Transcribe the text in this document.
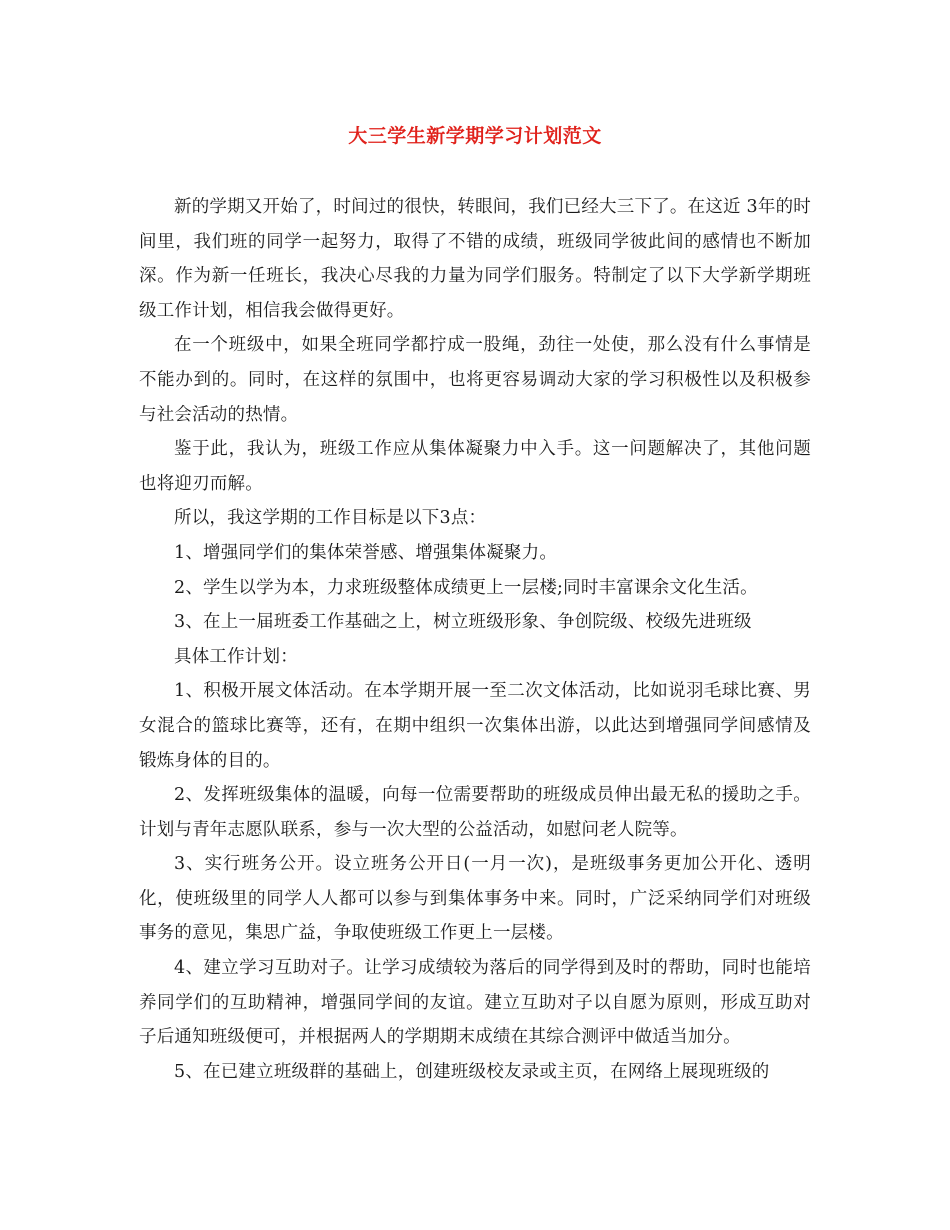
大三学生新学期学习计划范文

新的学期又开始了，时间过的很快，转眼间，我们已经大三下了。在这近 3年的时间里，我们班的同学一起努力，取得了不错的成绩，班级同学彼此间的感情也不断加深。作为新一任班长，我决心尽我的力量为同学们服务。特制定了以下大学新学期班级工作计划，相信我会做得更好。

在一个班级中，如果全班同学都拧成一股绳，劲往一处使，那么没有什么事情是不能办到的。同时，在这样的氛围中，也将更容易调动大家的学习积极性以及积极参与社会活动的热情。

鉴于此，我认为，班级工作应从集体凝聚力中入手。这一问题解决了，其他问题也将迎刃而解。

所以，我这学期的工作目标是以下3点：

1、增强同学们的集体荣誉感、增强集体凝聚力。

2、学生以学为本，力求班级整体成绩更上一层楼;同时丰富课余文化生活。

3、在上一届班委工作基础之上，树立班级形象、争创院级、校级先进班级

具体工作计划：

1、积极开展文体活动。在本学期开展一至二次文体活动，比如说羽毛球比赛、男女混合的篮球比赛等，还有，在期中组织一次集体出游，以此达到增强同学间感情及锻炼身体的目的。

2、发挥班级集体的温暖，向每一位需要帮助的班级成员伸出最无私的援助之手。计划与青年志愿队联系，参与一次大型的公益活动，如慰问老人院等。

3、实行班务公开。设立班务公开日(一月一次)，是班级事务更加公开化、透明化，使班级里的同学人人都可以参与到集体事务中来。同时，广泛采纳同学们对班级事务的意见，集思广益，争取使班级工作更上一层楼。

4、建立学习互助对子。让学习成绩较为落后的同学得到及时的帮助，同时也能培养同学们的互助精神，增强同学间的友谊。建立互助对子以自愿为原则，形成互助对子后通知班级便可，并根据两人的学期期末成绩在其综合测评中做适当加分。

5、在已建立班级群的基础上，创建班级校友录或主页，在网络上展现班级的
